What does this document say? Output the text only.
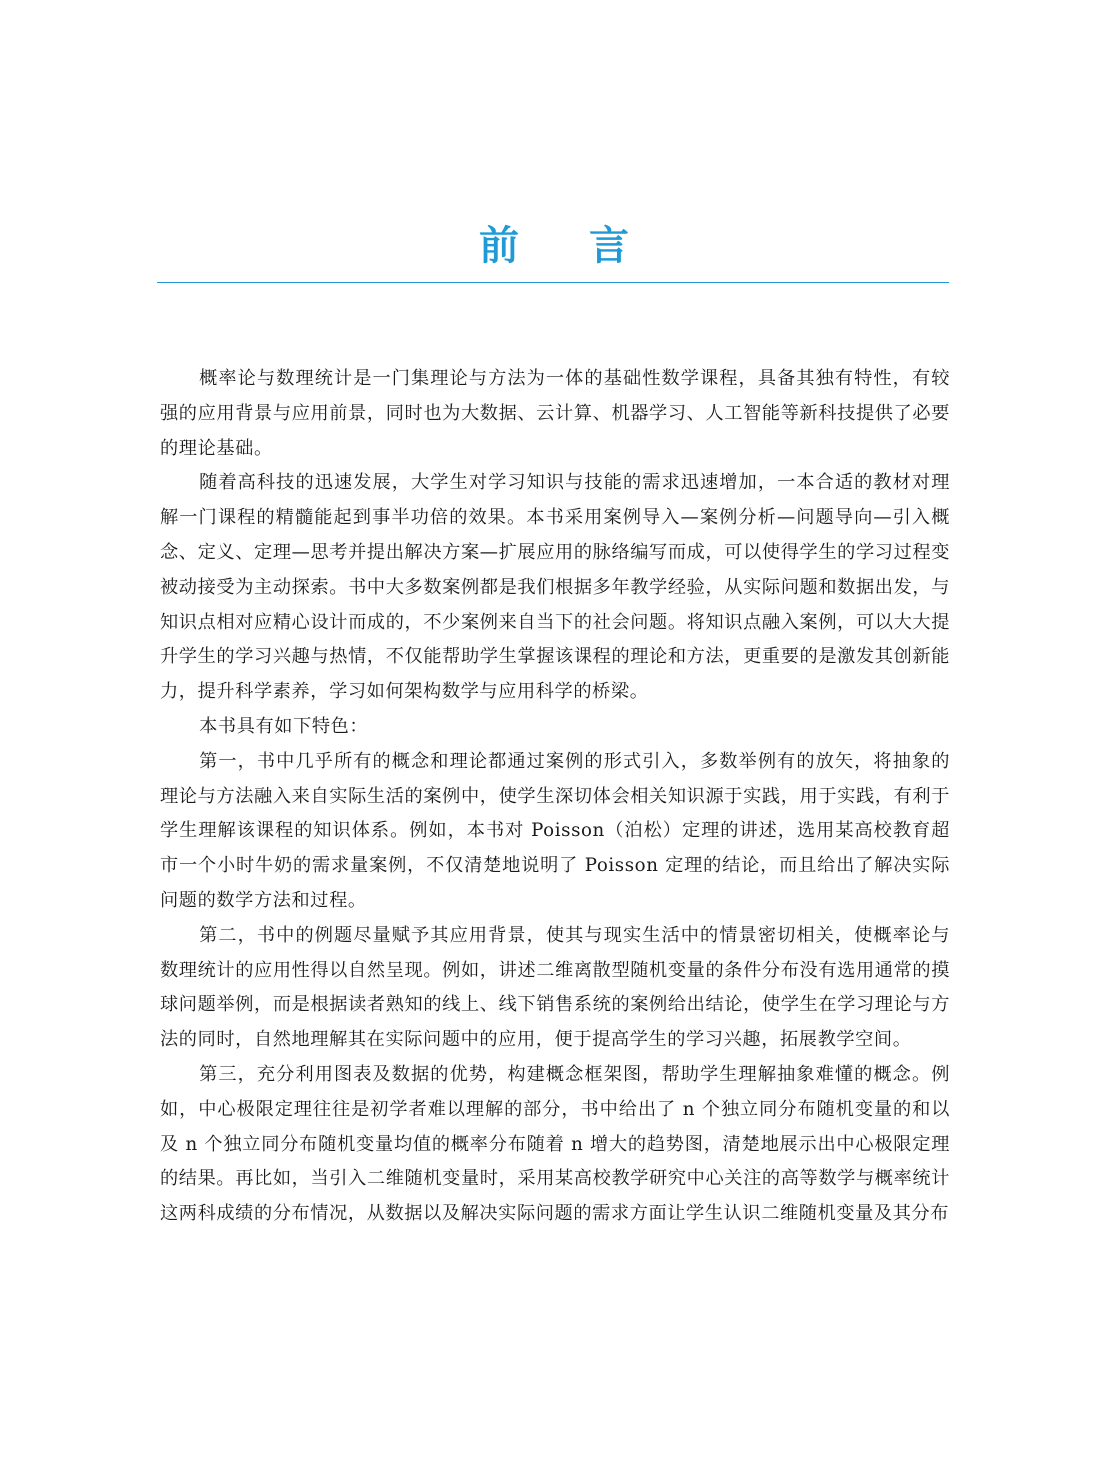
前言

概率论与数理统计是一门集理论与方法为一体的基础性数学课程，具备其独有特性，有较强的应用背景与应用前景，同时也为大数据、云计算、机器学习、人工智能等新科技提供了必要的理论基础。

随着高科技的迅速发展，大学生对学习知识与技能的需求迅速增加，一本合适的教材对理解一门课程的精髓能起到事半功倍的效果。本书采用案例导入—案例分析—问题导向—引入概念、定义、定理—思考并提出解决方案—扩展应用的脉络编写而成，可以使得学生的学习过程变被动接受为主动探索。书中大多数案例都是我们根据多年教学经验，从实际问题和数据出发，与知识点相对应精心设计而成的，不少案例来自当下的社会问题。将知识点融入案例，可以大大提升学生的学习兴趣与热情，不仅能帮助学生掌握该课程的理论和方法，更重要的是激发其创新能力，提升科学素养，学习如何架构数学与应用科学的桥梁。

本书具有如下特色：

第一，书中几乎所有的概念和理论都通过案例的形式引入，多数举例有的放矢，将抽象的理论与方法融入来自实际生活的案例中，使学生深切体会相关知识源于实践，用于实践，有利于学生理解该课程的知识体系。例如，本书对 Poisson（泊松）定理的讲述，选用某高校教育超市一个小时牛奶的需求量案例，不仅清楚地说明了 Poisson 定理的结论，而且给出了解决实际问题的数学方法和过程。

第二，书中的例题尽量赋予其应用背景，使其与现实生活中的情景密切相关，使概率论与数理统计的应用性得以自然呈现。例如，讲述二维离散型随机变量的条件分布没有选用通常的摸球问题举例，而是根据读者熟知的线上、线下销售系统的案例给出结论，使学生在学习理论与方法的同时，自然地理解其在实际问题中的应用，便于提高学生的学习兴趣，拓展教学空间。

第三，充分利用图表及数据的优势，构建概念框架图，帮助学生理解抽象难懂的概念。例如，中心极限定理往往是初学者难以理解的部分，书中给出了 n 个独立同分布随机变量的和以及 n 个独立同分布随机变量均值的概率分布随着 n 增大的趋势图，清楚地展示出中心极限定理的结果。再比如，当引入二维随机变量时，采用某高校教学研究中心关注的高等数学与概率统计这两科成绩的分布情况，从数据以及解决实际问题的需求方面让学生认识二维随机变量及其分布
